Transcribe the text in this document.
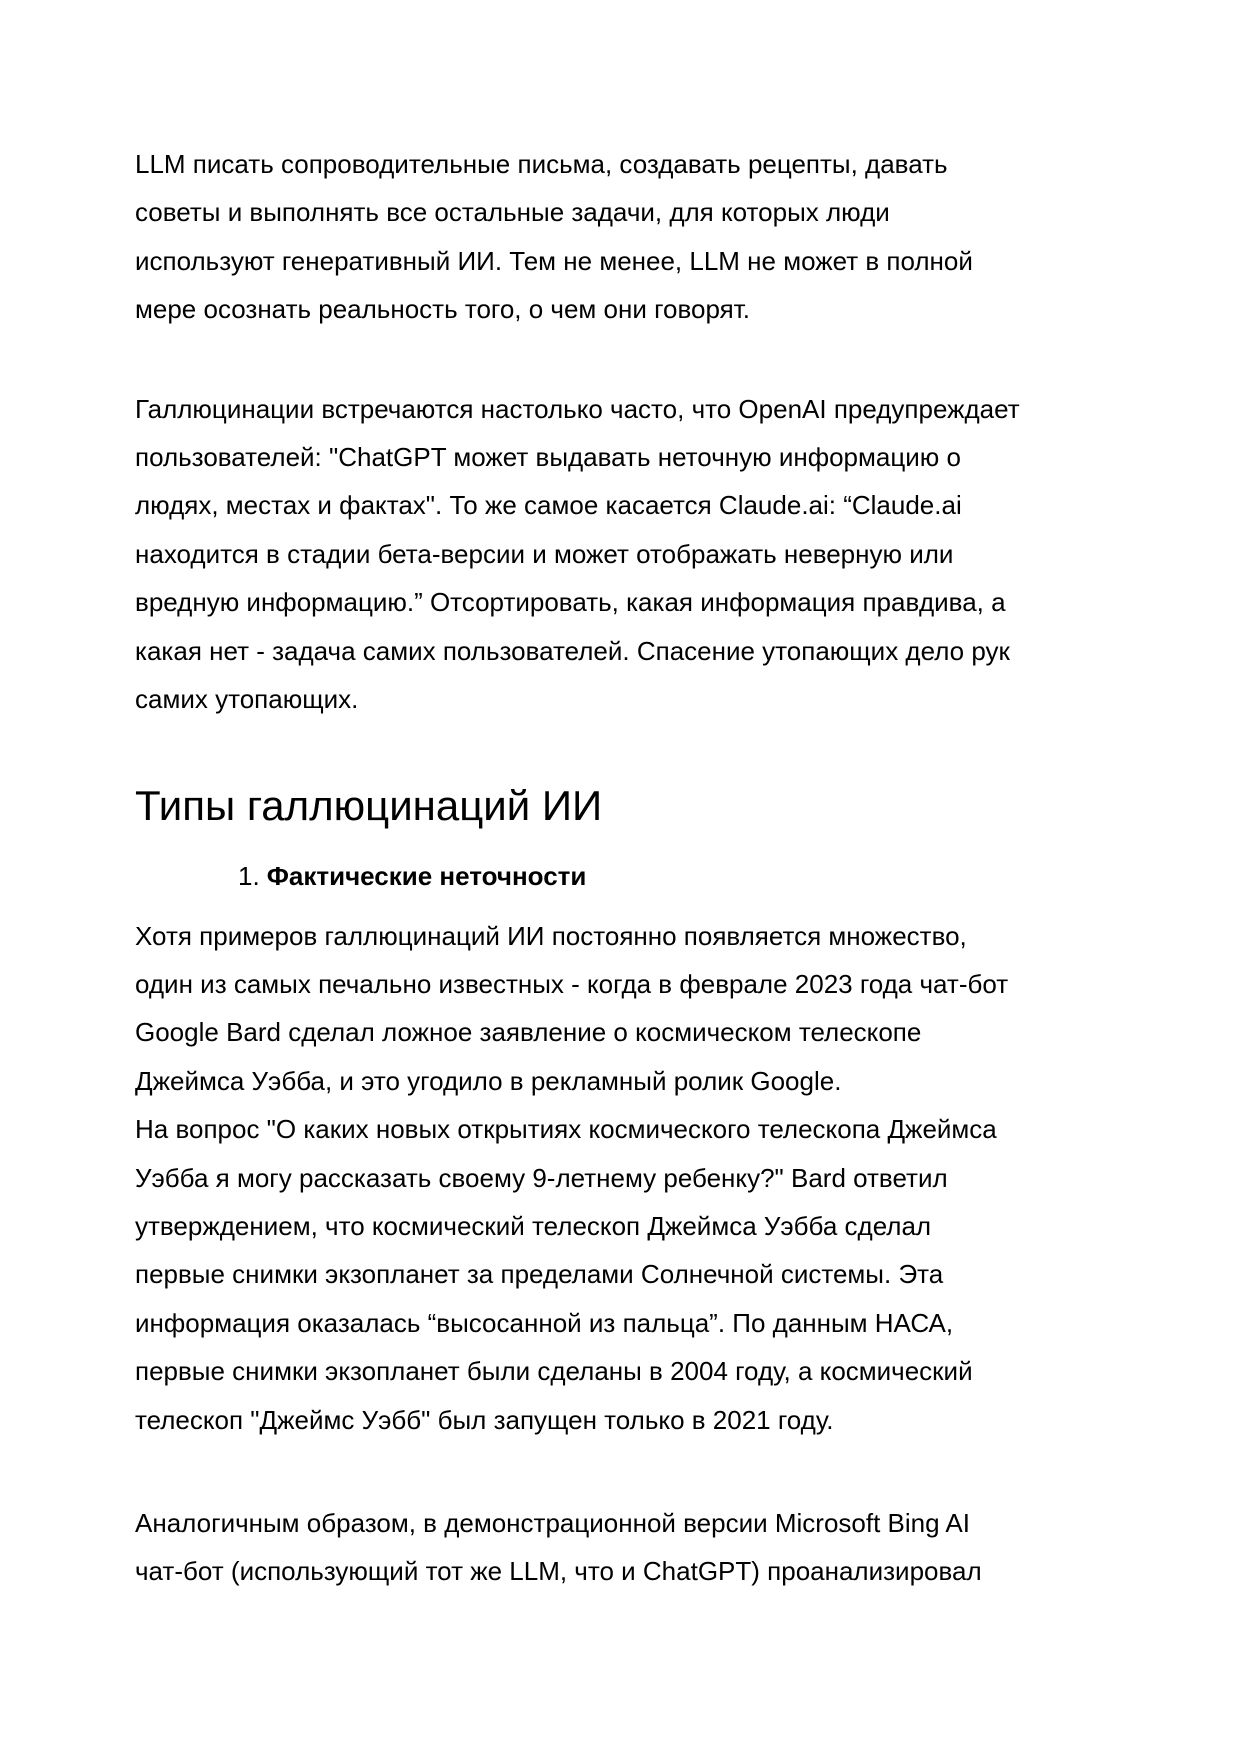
LLM писать сопроводительные письма, создавать рецепты, давать
советы и выполнять все остальные задачи, для которых люди
используют генеративный ИИ. Тем не менее, LLM не может в полной
мере осознать реальность того, о чем они говорят.
Галлюцинации встречаются настолько часто, что OpenAI предупреждает
пользователей: "ChatGPT может выдавать неточную информацию о
людях, местах и фактах". То же самое касается Claude.ai: “Claude.ai
находится в стадии бета-версии и может отображать неверную или
вредную информацию.” Отсортировать, какая информация правдива, а
какая нет - задача самих пользователей. Спасение утопающих дело рук
самих утопающих.
Типы галлюцинаций ИИ
1. Фактические неточности
Хотя примеров галлюцинаций ИИ постоянно появляется множество,
один из самых печально известных - когда в феврале 2023 года чат-бот
Google Bard сделал ложное заявление о космическом телескопе
Джеймса Уэбба, и это угодило в рекламный ролик Google.
На вопрос "О каких новых открытиях космического телескопа Джеймса
Уэбба я могу рассказать своему 9-летнему ребенку?" Bard ответил
утверждением, что космический телескоп Джеймса Уэбба сделал
первые снимки экзопланет за пределами Солнечной системы. Эта
информация оказалась “высосанной из пальца”. По данным НАСА,
первые снимки экзопланет были сделаны в 2004 году, а космический
телескоп "Джеймс Уэбб" был запущен только в 2021 году.
Аналогичным образом, в демонстрационной версии Microsoft Bing AI
чат-бот (использующий тот же LLM, что и ChatGPT) проанализировал
